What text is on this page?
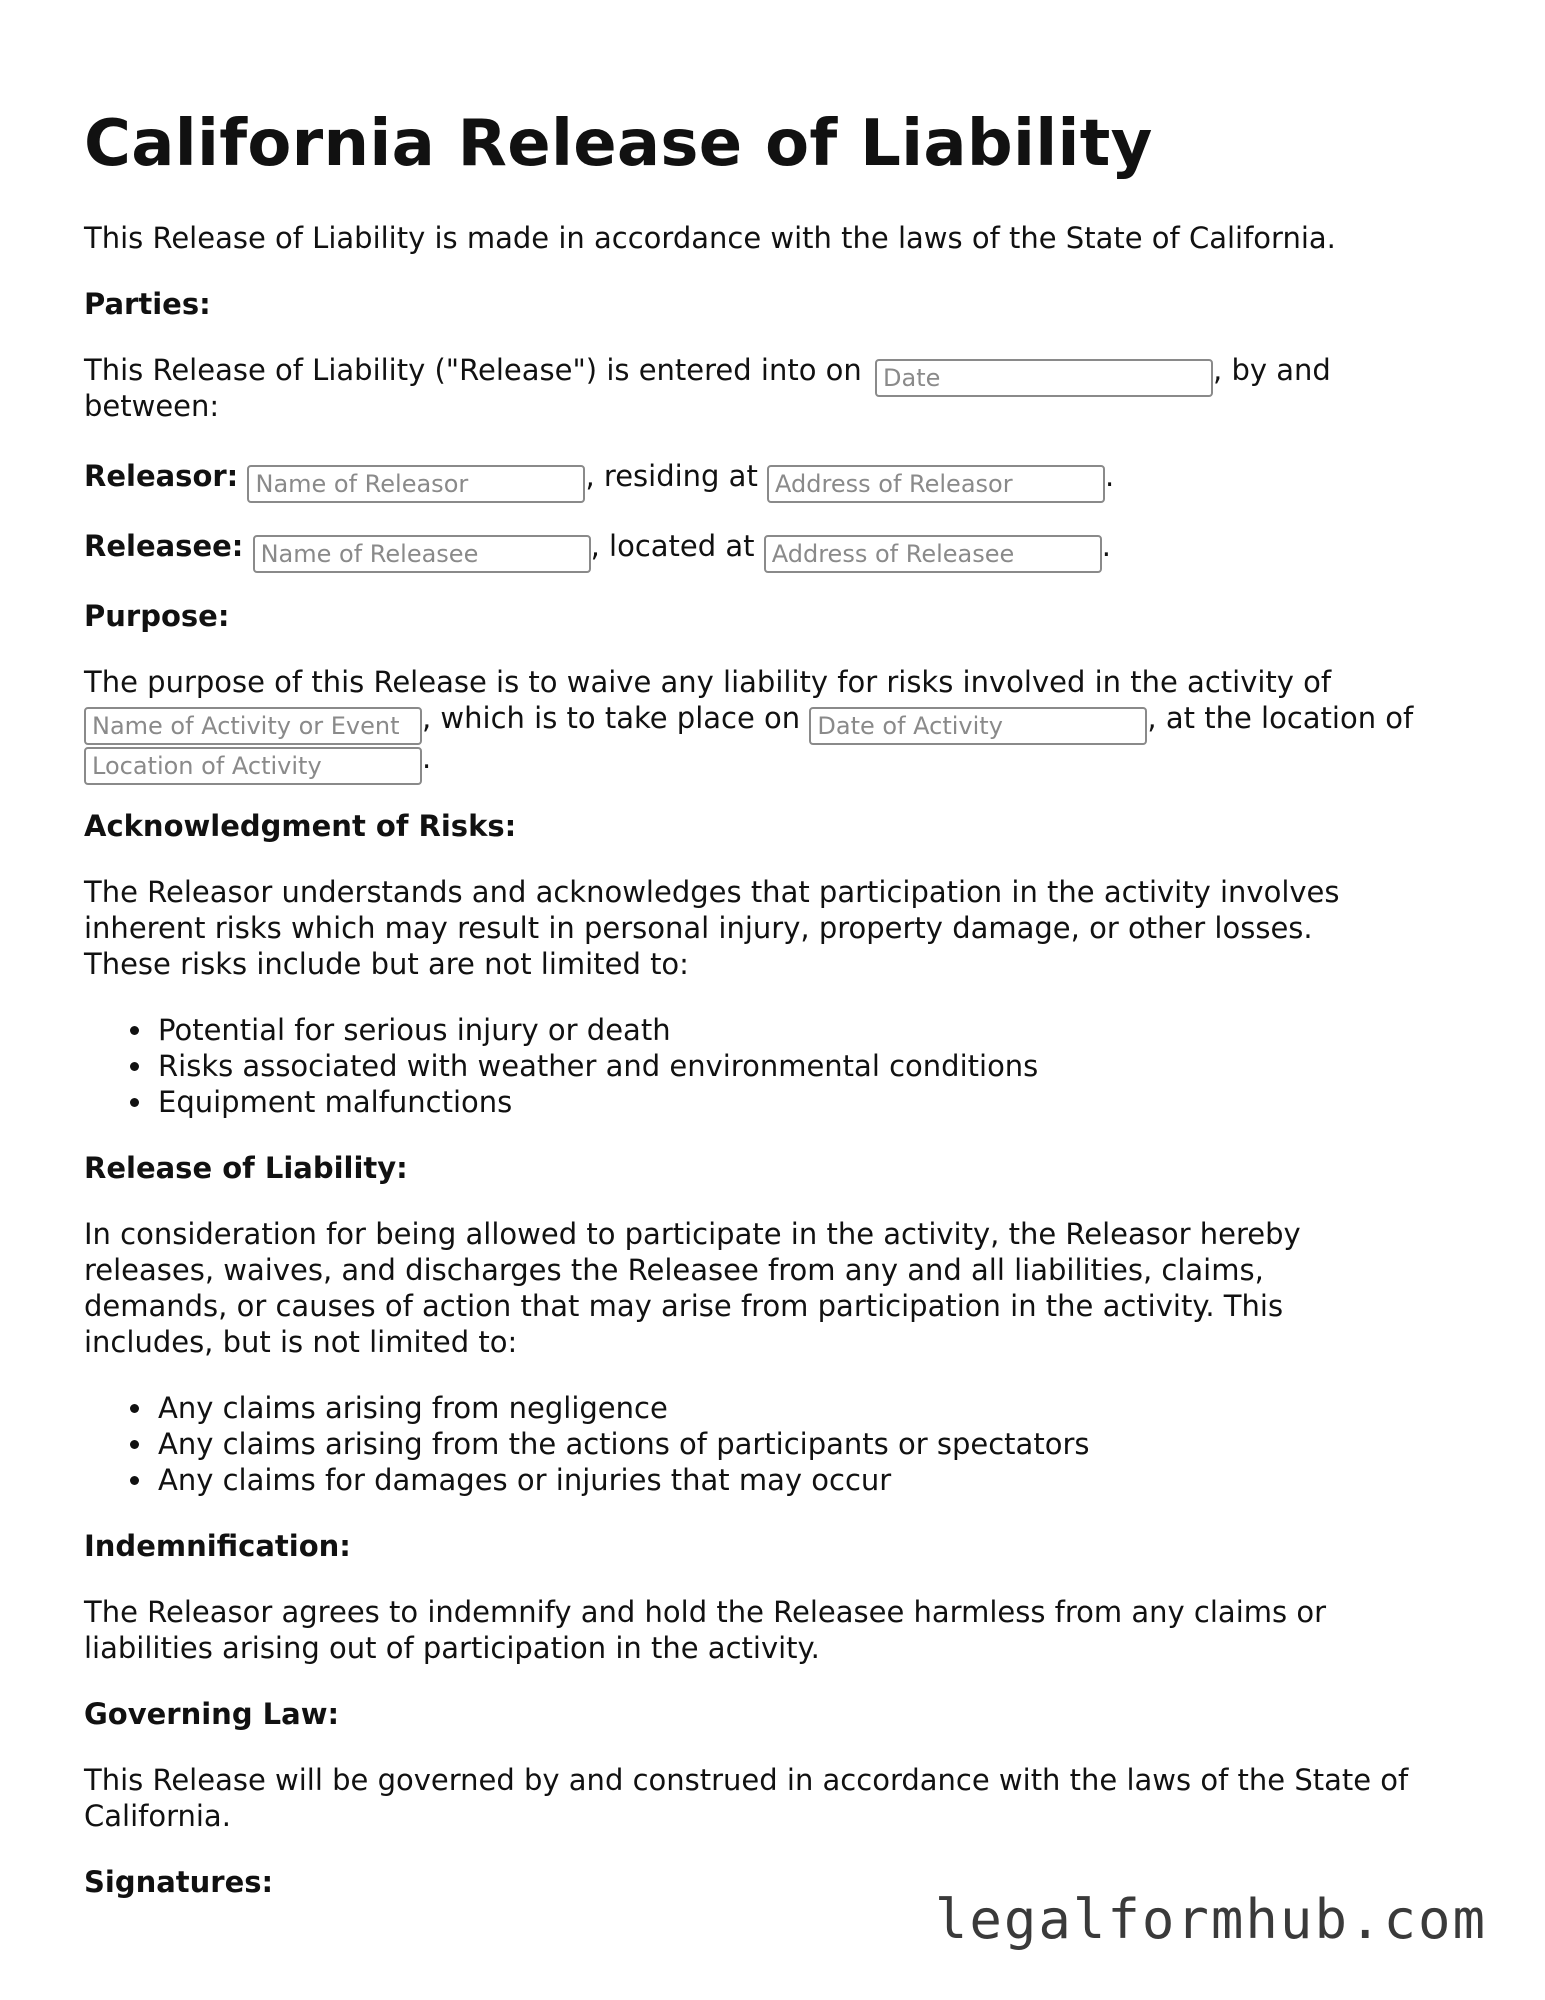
California Release of Liability

This Release of Liability is made in accordance with the laws of the State of California.

Parties:

This Release of Liability ("Release") is entered into on Date	, by and

between:

Releasor: Name of Releasor	, residing at Address of Releasor	.

Releasee: Name of Releasee	, located at Address of Releasee	.

Purpose:

The purpose of this Release is to waive any liability for risks involved in the activity of

Name of Activity or Event, which is to take place on Date of Activity	, at the location of

Location of Activity.

Acknowledgment of Risks:

The Releasor understands and acknowledges that participation in the activity involves

inherent risks which may result in personal injury, property damage, or other losses.

These risks include but are not limited to:

Potential for serious injury or death
Risks associated with weather and environmental conditions
Equipment malfunctions

Release of Liability:

In consideration for being allowed to participate in the activity, the Releasor hereby

releases, waives, and discharges the Releasee from any and all liabilities, claims,

demands, or causes of action that may arise from participation in the activity. This

includes, but is not limited to:

Any claims arising from negligence
Any claims arising from the actions of participants or spectators
Any claims for damages or injuries that may occur

Indemnification:

The Releasor agrees to indemnify and hold the Releasee harmless from any claims or

liabilities arising out of participation in the activity.

Governing Law:

This Release will be governed by and construed in accordance with the laws of the State of

California.

Signatures:

legalformhub.com
